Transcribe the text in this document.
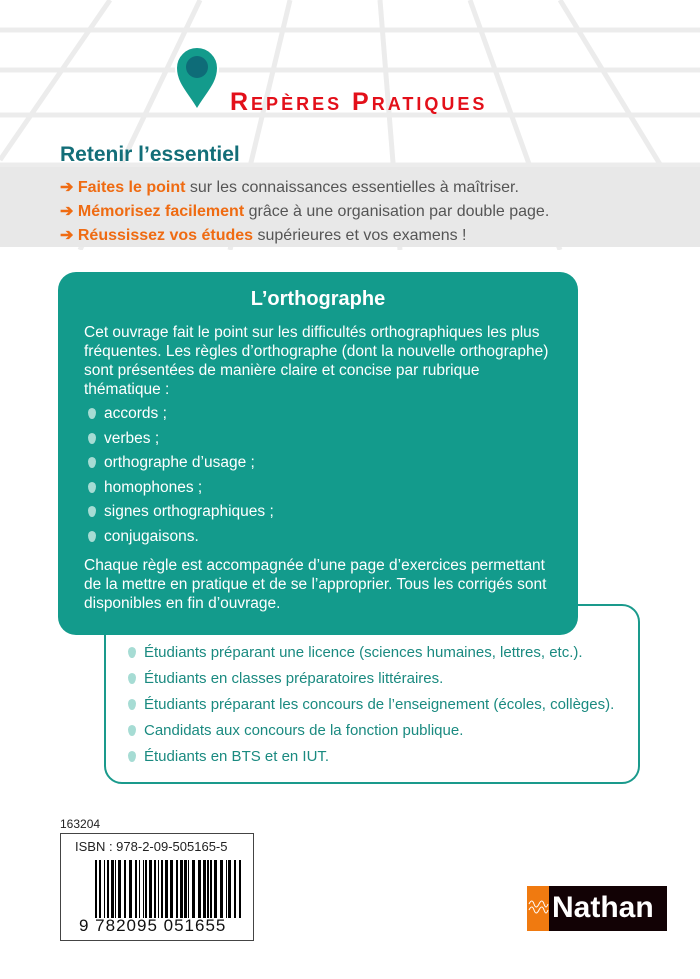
Repères Pratiques
Retenir l’essentiel
➔ Faites le point sur les connaissances essentielles à maîtriser.
➔ Mémorisez facilement grâce à une organisation par double page.
➔ Réussissez vos études supérieures et vos examens !
Étudiants préparant une licence (sciences humaines, lettres, etc.).
Étudiants en classes préparatoires littéraires.
Étudiants préparant les concours de l’enseignement (écoles, collèges).
Candidats aux concours de la fonction publique.
Étudiants en BTS et en IUT.
L’orthographe

Cet ouvrage fait le point sur les difficultés orthographiques les plus fréquentes. Les règles d’orthographe (dont la nouvelle orthographe) sont présentées de manière claire et concise par rubrique thématique :

accords ;
verbes ;
orthographe d’usage ;
homophones ;
signes orthographiques ;
conjugaisons.

Chaque règle est accompagnée d’une page d’exercices permettant de la mettre en pratique et de se l’approprier. Tous les corrigés sont disponibles en fin d’ouvrage.

163204
ISBN : 978-2-09-505165-5
9 782095 051655
Nathan
